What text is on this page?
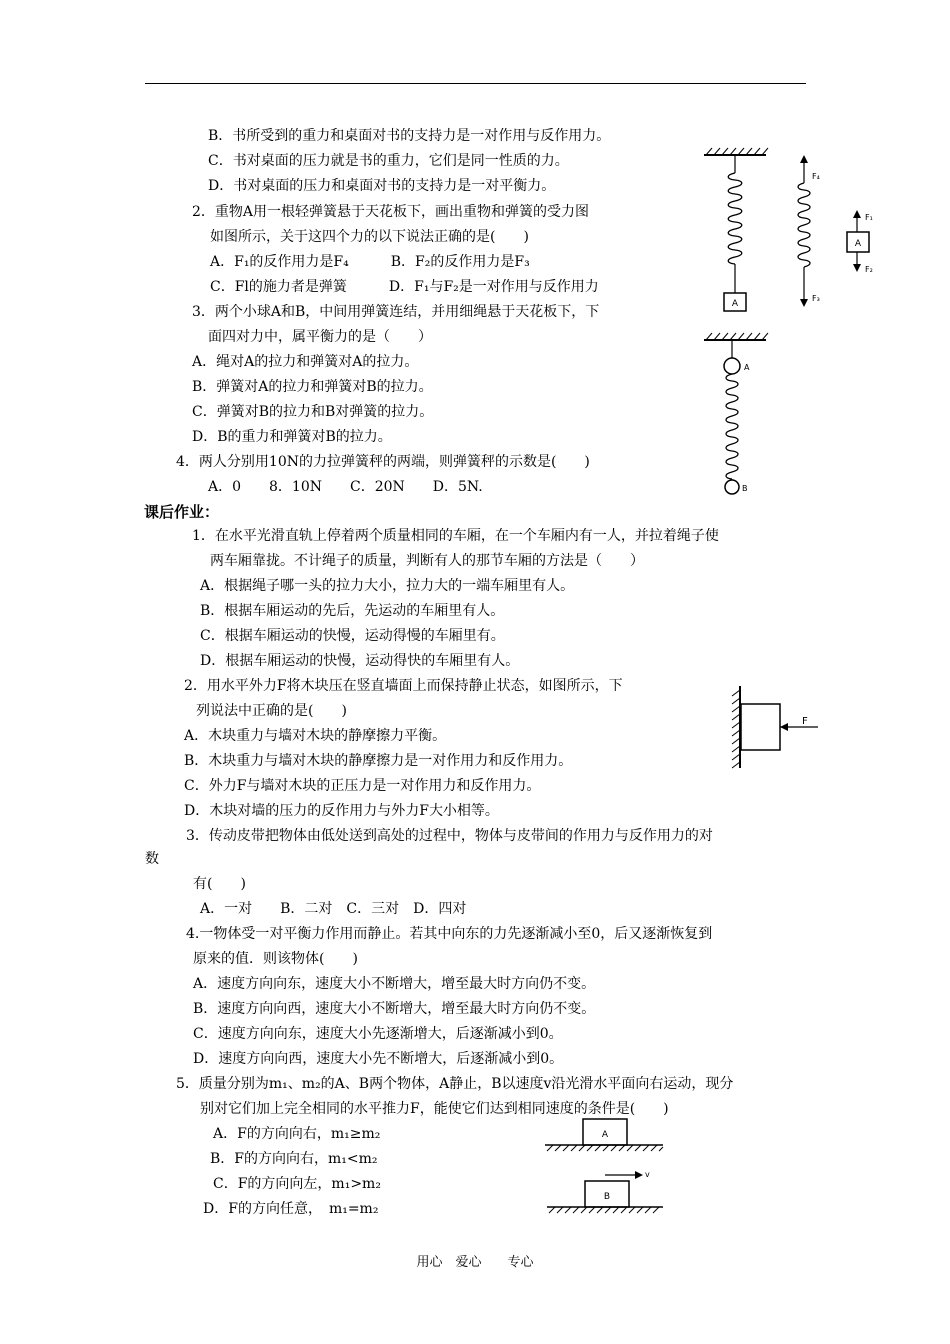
B．书所受到的重力和桌面对书的支持力是一对作用与反作用力。
C．书对桌面的压力就是书的重力，它们是同一性质的力。
D．书对桌面的压力和桌面对书的支持力是一对平衡力。
2．重物A用一根轻弹簧悬于天花板下，画出重物和弹簧的受力图
如图所示，关于这四个力的以下说法正确的是(　　)
A．F₁的反作用力是F₄　　　B．F₂的反作用力是F₃
C．Fl的施力者是弹簧　　　D．F₁与F₂是一对作用与反作用力
3．两个小球A和B，中间用弹簧连结，并用细绳悬于天花板下，下
面四对力中，属平衡力的是（　　）
A．绳对A的拉力和弹簧对A的拉力。
B．弹簧对A的拉力和弹簧对B的拉力。
C．弹簧对B的拉力和B对弹簧的拉力。
D．B的重力和弹簧对B的拉力。
4．两人分别用10N的力拉弹簧秤的两端，则弹簧秤的示数是(　　)
A．0　　8．10N　　C．20N　　D．5N.
课后作业：
1．在水平光滑直轨上停着两个质量相同的车厢，在一个车厢内有一人，并拉着绳子使
两车厢靠拢。不计绳子的质量，判断有人的那节车厢的方法是（　　）
A．根据绳子哪一头的拉力大小，拉力大的一端车厢里有人。
B．根据车厢运动的先后，先运动的车厢里有人。
C．根据车厢运动的快慢，运动得慢的车厢里有。
D．根据车厢运动的快慢，运动得快的车厢里有人。
2．用水平外力F将木块压在竖直墙面上而保持静止状态，如图所示，下
列说法中正确的是(　　)
A．木块重力与墙对木块的静摩擦力平衡。
B．木块重力与墙对木块的静摩擦力是一对作用力和反作用力。
C．外力F与墙对木块的正压力是一对作用力和反作用力。
D．木块对墙的压力的反作用力与外力F大小相等。
3．传动皮带把物体由低处送到高处的过程中，物体与皮带间的作用力与反作用力的对
数
有(　　)
A．一对　　B．二对　C．三对　D．四对
4.一物体受一对平衡力作用而静止。若其中向东的力先逐渐减小至0，后又逐渐恢复到
原来的值．则该物体(　　)
A．速度方向向东，速度大小不断增大，增至最大时方向仍不变。
B．速度方向向西，速度大小不断增大，增至最大时方向仍不变。
C．速度方向向东，速度大小先逐渐增大，后逐渐减小到0。
D．速度方向向西，速度大小先不断增大，后逐渐减小到0。
5．质量分别为m₁、m₂的A、B两个物体，A静止，B以速度v沿光滑水平面向右运动，现分
别对它们加上完全相同的水平推力F，能使它们达到相同速度的条件是(　　)
A．F的方向向右，m₁≥m₂
B．F的方向向右，m₁<m₂
C．F的方向向左，m₁>m₂
D．F的方向任意，　m₁=m₂
A
F₄
F₃
A
F₁
F₂
A
B
F
A
v
B
用心　爱心　　专心
